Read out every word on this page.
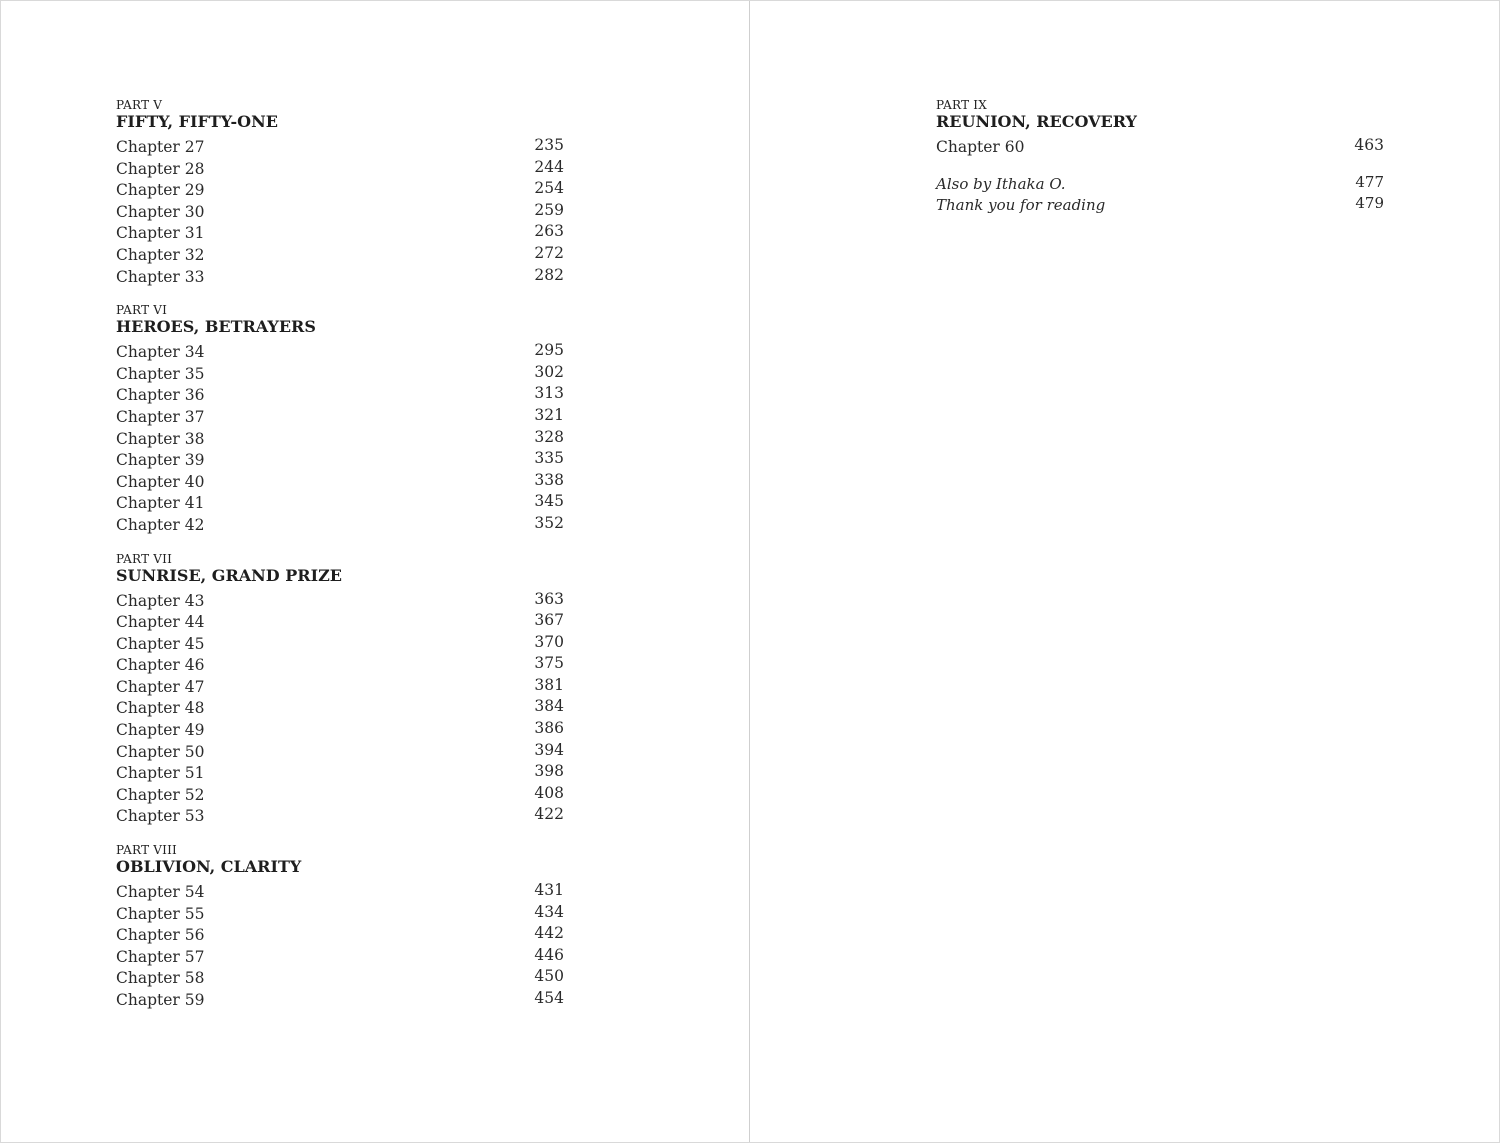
PART V
FIFTY, FIFTY-ONE
Chapter 27	235
Chapter 28	244
Chapter 29	254
Chapter 30	259
Chapter 31	263
Chapter 32	272
Chapter 33	282
PART VI
HEROES, BETRAYERS
Chapter 34	295
Chapter 35	302
Chapter 36	313
Chapter 37	321
Chapter 38	328
Chapter 39	335
Chapter 40	338
Chapter 41	345
Chapter 42	352
PART VII
SUNRISE, GRAND PRIZE
Chapter 43	363
Chapter 44	367
Chapter 45	370
Chapter 46	375
Chapter 47	381
Chapter 48	384
Chapter 49	386
Chapter 50	394
Chapter 51	398
Chapter 52	408
Chapter 53	422
PART VIII
OBLIVION, CLARITY
Chapter 54	431
Chapter 55	434
Chapter 56	442
Chapter 57	446
Chapter 58	450
Chapter 59	454
PART IX
REUNION, RECOVERY
Chapter 60	463
Also by Ithaka O.	477
Thank you for reading	479
